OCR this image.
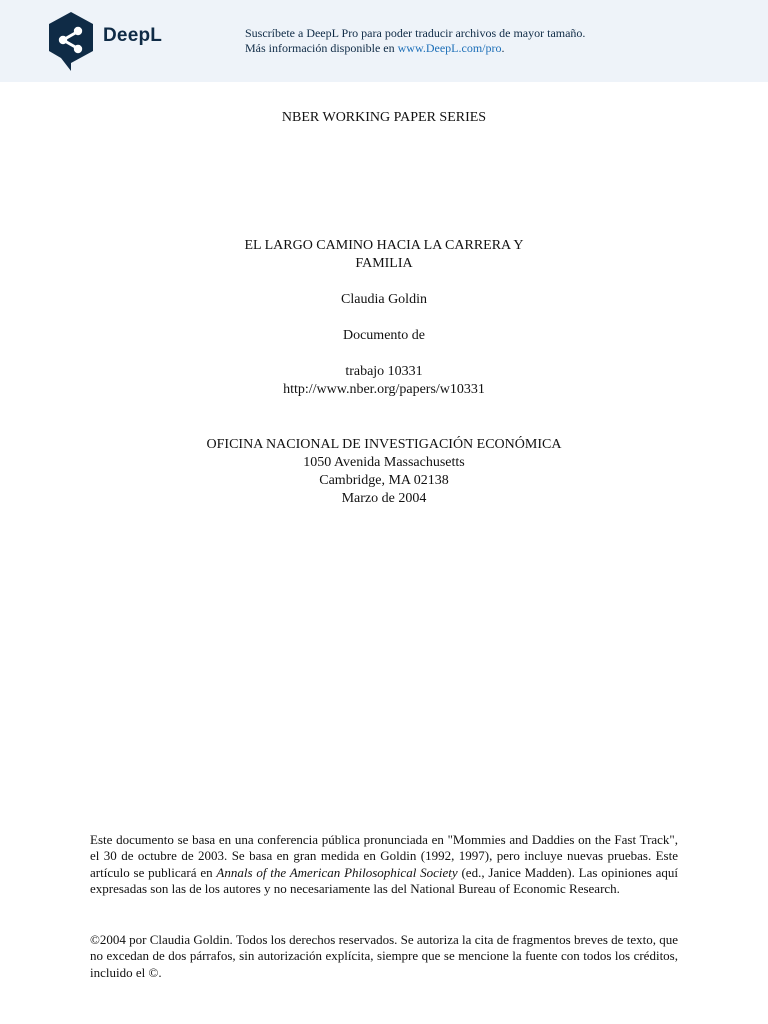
DeepL	Suscríbete a DeepL Pro para poder traducir archivos de mayor tamaño.
Más información disponible en www.DeepL.com/pro.
NBER WORKING PAPER SERIES
EL LARGO CAMINO HACIA LA CARRERA Y
FAMILIA
Claudia Goldin
Documento de
trabajo 10331
http://www.nber.org/papers/w10331
OFICINA NACIONAL DE INVESTIGACIÓN ECONÓMICA
1050 Avenida Massachusetts
Cambridge, MA 02138
Marzo de 2004
Este documento se basa en una conferencia pública pronunciada en "Mommies and Daddies on the Fast Track", el 30 de octubre de 2003. Se basa en gran medida en Goldin (1992, 1997), pero incluye nuevas pruebas. Este artículo se publicará en Annals of the American Philosophical Society (ed., Janice Madden). Las opiniones aquí expresadas son las de los autores y no necesariamente las del National Bureau of Economic Research.
©2004 por Claudia Goldin. Todos los derechos reservados. Se autoriza la cita de fragmentos breves de texto, que no excedan de dos párrafos, sin autorización explícita, siempre que se mencione la fuente con todos los créditos, incluido el ©.
